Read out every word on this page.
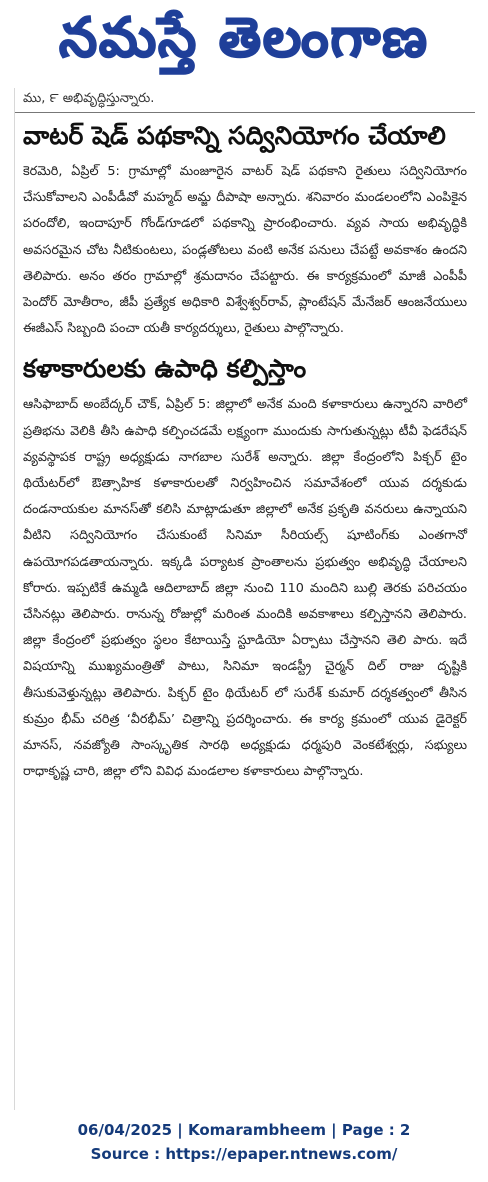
నమస్తే తెలంగాణ
ము, ౯ అభివృద్ధిస్తున్నారు.
వాటర్ షెడ్ పథకాన్ని సద్వినియోగం చేయాలి
కెరమెరి, ఏప్రిల్ 5: గ్రామాల్లో మంజూరైన వాటర్ షెడ్ పథకాని రైతులు సద్వినియోగం చేసుకోవాలని ఎంపీడీవో మహ్మద్ అమ్జ దీపాషా అన్నారు. శనివారం మండలంలోని ఎంపికైన పరందోలి, ఇందాపూర్ గోండ్‌గూడలో పథకాన్ని ప్రారంభించారు. వ్యవ సాయ అభివృద్ధికి అవసరమైన చోట నీటికుంటలు, పండ్లతోటలు వంటి అనేక పనులు చేపట్టే అవకాశం ఉందని తెలిపారు. అనం తరం గ్రామాల్లో శ్రమదానం చేపట్టారు. ఈ కార్యక్రమంలో మాజీ ఎంపీపీ పెందోర్ మోతీరాం, జీపీ ప్రత్యేక అధికారి విశ్వేశ్వర్‌రావ్, ప్లాంటేషన్ మేనేజర్ ఆంజనేయులు ఈజీఎస్ సిబ్బంది పంచా యతీ కార్యదర్శులు, రైతులు పాల్గొన్నారు.
కళాకారులకు ఉపాధి కల్పిస్తాం
ఆసిఫాబాద్ అంబేద్కర్ చౌక్, ఏప్రిల్ 5: జిల్లాలో అనేక మంది కళాకారులు ఉన్నారని వారిలో ప్రతిభను వెలికి తీసి ఉపాధి కల్పించడమే లక్ష్యంగా ముందుకు సాగుతున్నట్లు టీవీ ఫెడరేషన్ వ్యవస్థాపక రాష్ట్ర అధ్యక్షుడు నాగబాల సురేశ్ అన్నారు. జిల్లా కేంద్రంలోని పిక్చర్ టైం థియేటర్‌లో ఔత్సాహిక కళాకారులతో నిర్వహించిన సమావేశంలో యువ దర్శకుడు దండనాయకుల మానస్‌తో కలిసి మాట్లాడుతూ జిల్లాలో అనేక ప్రకృతి వనరులు ఉన్నాయని వీటిని సద్వినియోగం చేసుకుంటే సినిమా సీరియల్స్ షూటింగ్‌కు ఎంతగానో ఉపయోగపడతాయన్నారు. ఇక్కడి పర్యాటక ప్రాంతాలను ప్రభుత్వం అభివృద్ధి చేయాలని కోరారు. ఇప్పటికే ఉమ్మడి ఆదిలాబాద్ జిల్లా నుంచి 110 మందిని బుల్లి తెరకు పరిచయం చేసినట్లు తెలిపారు. రానున్న రోజుల్లో మరింత మందికి అవకాశాలు కల్పిస్తానని తెలిపారు. జిల్లా కేంద్రంలో ప్రభుత్వం స్థలం కేటాయిస్తే స్టూడియో ఏర్పాటు చేస్తానని తెలి పారు. ఇదే విషయాన్ని ముఖ్యమంత్రితో పాటు, సినిమా ఇండస్ట్రీ చైర్మన్ దిల్ రాజు దృష్టికి తీసుకువెళ్తున్నట్లు తెలిపారు. పిక్చర్ టైం థియేటర్ లో సురేశ్ కుమార్ దర్శకత్వంలో తీసిన కుమ్రం భీమ్ చరిత్ర ‘వీరభీమ్’ చిత్రాన్ని ప్రదర్శించారు. ఈ కార్య క్రమంలో యువ డైరెక్టర్ మానస్, నవజ్యోతి సాంస్కృతిక సారథి అధ్యక్షుడు ధర్మపురి వెంకటేశ్వర్లు, సభ్యులు రాధాకృష్ణ చారి, జిల్లా లోని వివిధ మండలాల కళాకారులు పాల్గొన్నారు.
06/04/2025 | Komarambheem | Page : 2
Source : https://epaper.ntnews.com/
